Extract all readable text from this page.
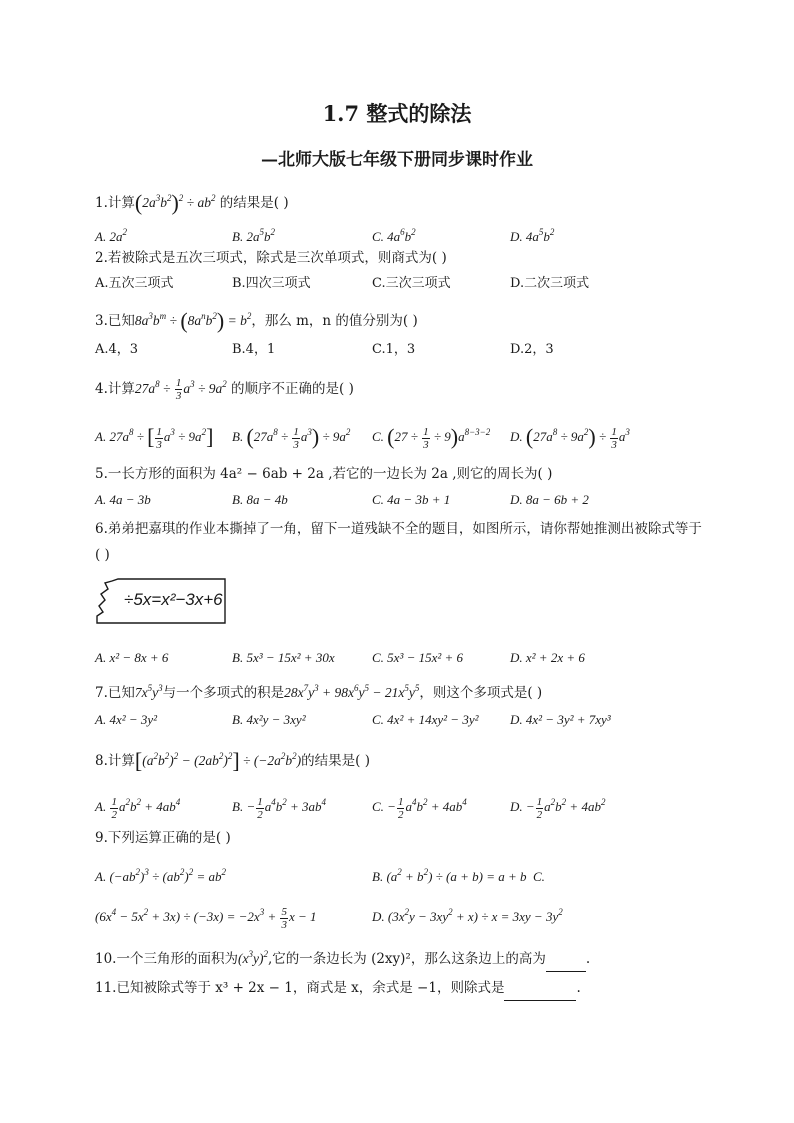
1.7 整式的除法
—北师大版七年级下册同步课时作业
1.计算$(2a^3b^2)^2 \div ab^2$ 的结果是( )
A. $2a^2$	B. $2a^5b^2$	C. $4a^6b^2$	D. $4a^5b^2$
2.若被除式是五次三项式，除式是三次单项式，则商式为( )
A.五次三项式	B.四次三项式	C.三次三项式	D.二次三项式
3.已知$8a^3b^m \div (8a^nb^2) = b^2$，那么 m，n 的值分别为( )
A.4，3	B.4，1	C.1，3	D.2，3
4.计算$27a^8 \div \frac{1}{3} a^3 \div 9a^2$ 的顺序不正确的是( )
A. $27a^8$ ÷ [ $\frac{1}{3} a^3 \div 9a^2$] B. $(27a^8 \div \frac{1}{3} a^3) \div 9a^2$ C. $(27 \div \frac{1}{3} \div 9)a^{8-3-2}$ D. $(27a^8 \div 9a^2) \div \frac{1}{3} a^3$
5.一长方形的面积为 4a² − 6ab + 2a ,若它的一边长为 2a ,则它的周长为( )
A. 4a − 3b	B. 8a − 4b	C. 4a − 3b + 1	D. 8a − 6b + 2
6.弟弟把嘉琪的作业本撕掉了一角，留下一道残缺不全的题目，如图所示，请你帮她推测出被除式等于( )
÷5x=x²−3x+6
A. x² − 8x + 6	B. 5x³ − 15x² + 30x	C. 5x³ − 15x² + 6	D. x² + 2x + 6
7.已知$7x^5y^3$与一个多项式的积是$28x^7y^3 + 98x^6y^5 - 21x^5y^5$，则这个多项式是( )
A. 4x² − 3y²	B. 4x²y − 3xy²	C. 4x² + 14xy² − 3y² D. 4x² − 3y² + 7xy³
8.计算$[(a^2b^2)^2 - (2ab^2)^2] \div (-2a^2b^2)$的结果是( )
A. $\frac{1}{2} a^2b^2 + 4ab^4$	B. − $\frac{1}{2} a^4b^2 + 3ab^4$	C. − $\frac{1}{2} a^4b^2 + 4ab^4$	D. − $\frac{1}{2} a^2b^2 + 4ab^2$
9.下列运算正确的是( )
A. $(-ab^2)^3 \div (ab^2)^2 = ab^2$	B. $(a^2 + b^2) \div (a + b) = a + b$  C.
$(6x^4 - 5x^2 + 3x) \div (-3x) = -2x^3 + \frac{5}{3}$ x − 1	D. $(3x^2y - 3xy^2 + x) \div x = 3xy - 3y^2$
10.一个三角形的面积为$(x^3y)^2$,它的一条边长为 (2xy)²，那么这条边上的高为	.
11.已知被除式等于 x³ + 2x − 1，商式是 x，余式是 −1，则除式是	.
